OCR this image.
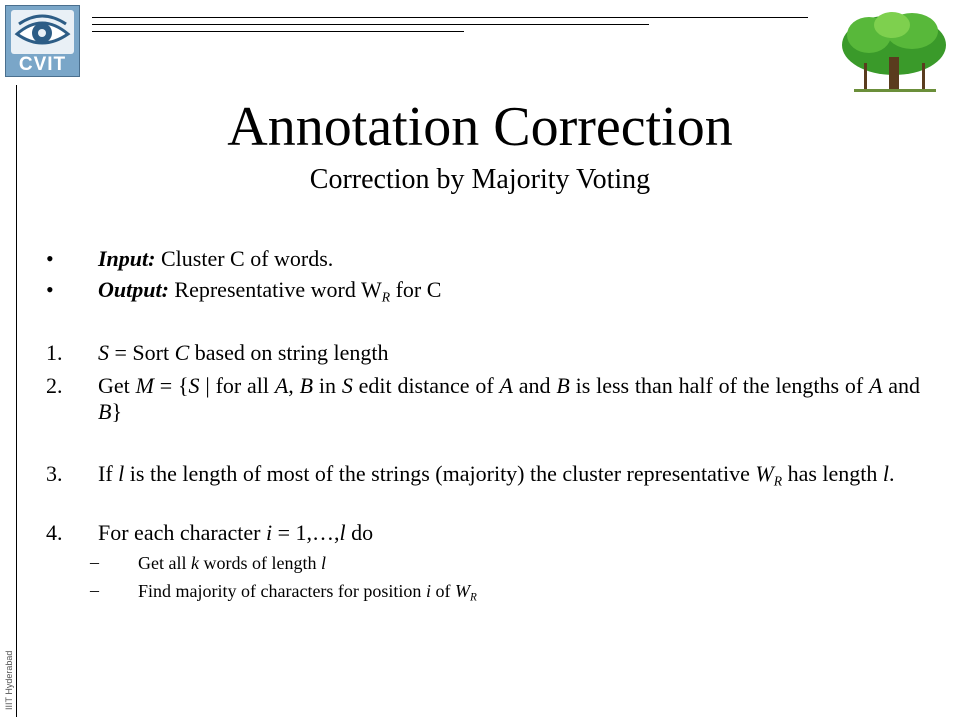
CVIT
IIIT Hyderabad
Annotation Correction
Correction by Majority Voting
•	Input: Cluster C of words.
•	Output: Representative word $W_R$ for C
1.	S = Sort C based on string length
2.	Get M = {S | for all A, B in S edit distance of A and B is less than half of the lengths of A and B}
3.	If l is the length of most of the strings (majority) the cluster representative $W_R$ has length l.
4.	For each character i = 1,…,l do
–	Get all k words of length l
–	Find majority of characters for position i of $W_R$
